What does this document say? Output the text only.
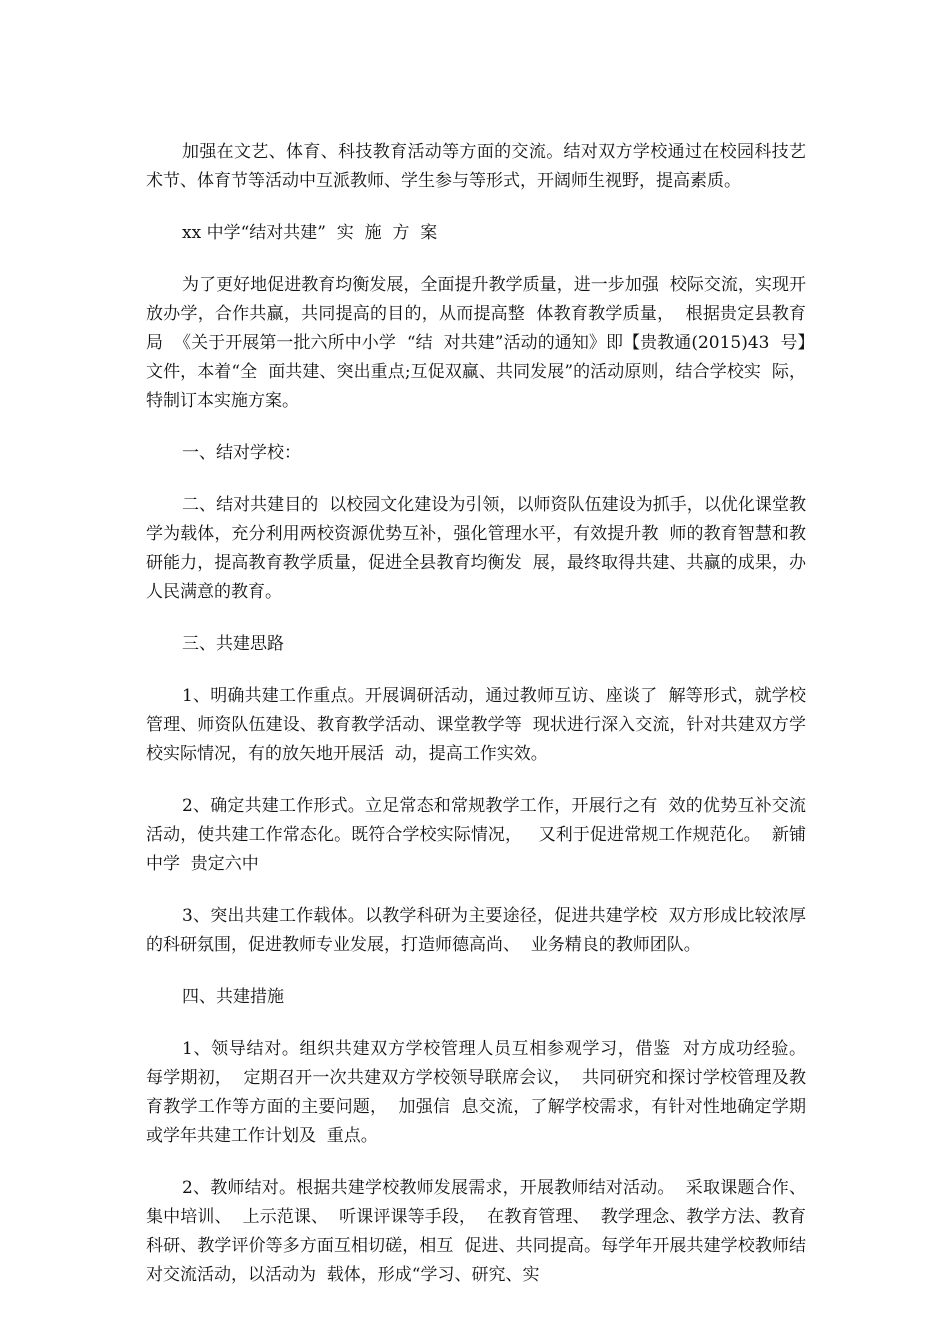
加强在文艺、体育、科技教育活动等方面的交流。结对双方学校通过在校园科技艺术节、体育节等活动中互派教师、学生参与等形式，开阔师生视野，提高素质。

xx 中学“结对共建”  实  施  方  案

为了更好地促进教育均衡发展，全面提升教学质量，进一步加强  校际交流，实现开放办学，合作共赢，共同提高的目的，从而提高整  体教育教学质量，  根据贵定县教育局  《关于开展第一批六所中小学  “结  对共建”活动的通知》即【贵教通(2015)43  号】文件，本着“全  面共建、突出重点;互促双赢、共同发展”的活动原则，结合学校实  际，特制订本实施方案。

一、结对学校：

二、结对共建目的  以校园文化建设为引领，以师资队伍建设为抓手，以优化课堂教  学为载体，充分利用两校资源优势互补，强化管理水平，有效提升教  师的教育智慧和教研能力，提高教育教学质量，促进全县教育均衡发  展，最终取得共建、共赢的成果，办人民满意的教育。

三、共建思路

1、明确共建工作重点。开展调研活动，通过教师互访、座谈了  解等形式，就学校管理、师资队伍建设、教育教学活动、课堂教学等  现状进行深入交流，针对共建双方学校实际情况，有的放矢地开展活  动，提高工作实效。

2、确定共建工作形式。立足常态和常规教学工作，开展行之有  效的优势互补交流活动，使共建工作常态化。既符合学校实际情况，   又利于促进常规工作规范化。  新铺中学  贵定六中

3、突出共建工作载体。以教学科研为主要途径，促进共建学校  双方形成比较浓厚的科研氛围，促进教师专业发展，打造师德高尚、  业务精良的教师团队。

四、共建措施

1、领导结对。组织共建双方学校管理人员互相参观学习，借鉴  对方成功经验。  每学期初，  定期召开一次共建双方学校领导联席会议，  共同研究和探讨学校管理及教育教学工作等方面的主要问题，  加强信  息交流，了解学校需求，有针对性地确定学期或学年共建工作计划及  重点。

2、教师结对。根据共建学校教师发展需求，开展教师结对活动。  采取课题合作、  集中培训、  上示范课、  听课评课等手段，  在教育管理、  教学理念、教学方法、教育科研、教学评价等多方面互相切磋，相互  促进、共同提高。每学年开展共建学校教师结对交流活动，以活动为  载体，形成“学习、研究、实
